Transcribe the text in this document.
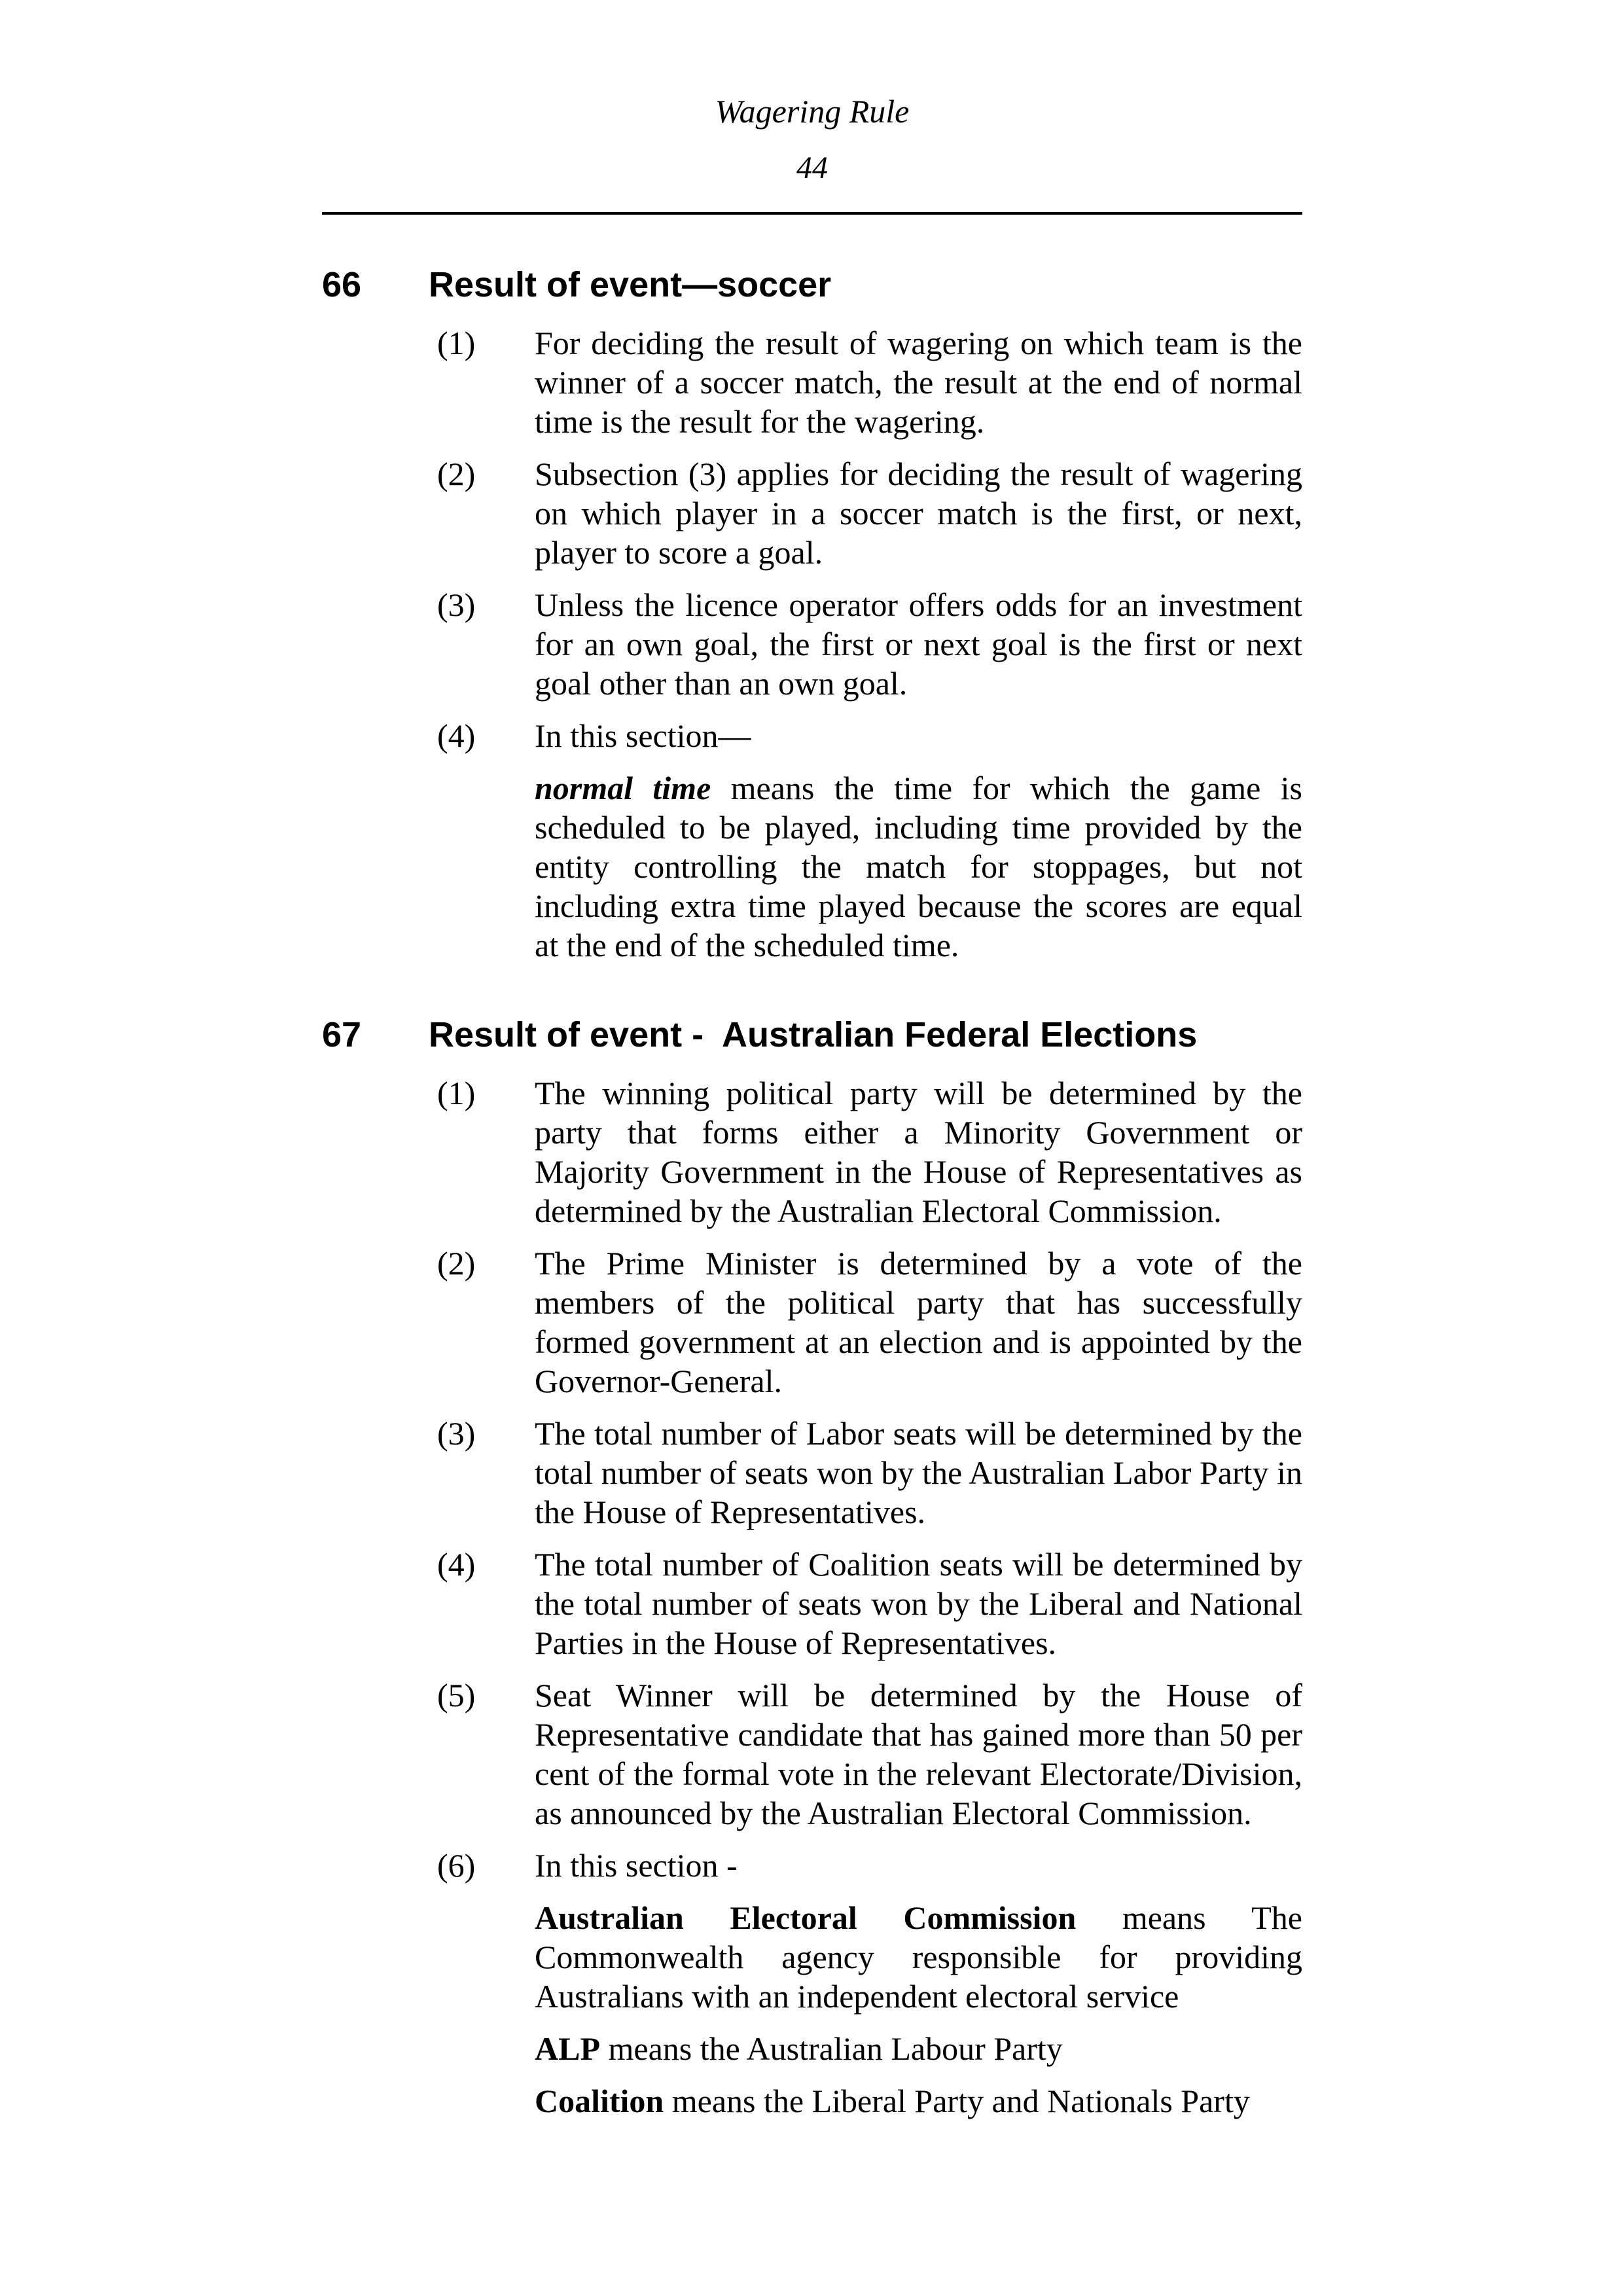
Wagering Rule
44
66	Result of event—soccer
(1) For deciding the result of wagering on which team is the winner of a soccer match, the result at the end of normal time is the result for the wagering.
(2) Subsection (3) applies for deciding the result of wagering on which player in a soccer match is the first, or next, player to score a goal.
(3) Unless the licence operator offers odds for an investment for an own goal, the first or next goal is the first or next goal other than an own goal.
(4) In this section—
normal time means the time for which the game is scheduled to be played, including time provided by the entity controlling the match for stoppages, but not including extra time played because the scores are equal at the end of the scheduled time.
67	Result of event -  Australian Federal Elections
(1) The winning political party will be determined by the party that forms either a Minority Government or Majority Government in the House of Representatives as determined by the Australian Electoral Commission.
(2) The Prime Minister is determined by a vote of the members of the political party that has successfully formed government at an election and is appointed by the Governor-General.
(3) The total number of Labor seats will be determined by the total number of seats won by the Australian Labor Party in the House of Representatives.
(4) The total number of Coalition seats will be determined by the total number of seats won by the Liberal and National Parties in the House of Representatives.
(5) Seat Winner will be determined by the House of Representative candidate that has gained more than 50 per cent of the formal vote in the relevant Electorate/Division, as announced by the Australian Electoral Commission.
(6) In this section -
Australian Electoral Commission means The Commonwealth agency responsible for providing Australians with an independent electoral service
ALP means the Australian Labour Party
Coalition means the Liberal Party and Nationals Party
